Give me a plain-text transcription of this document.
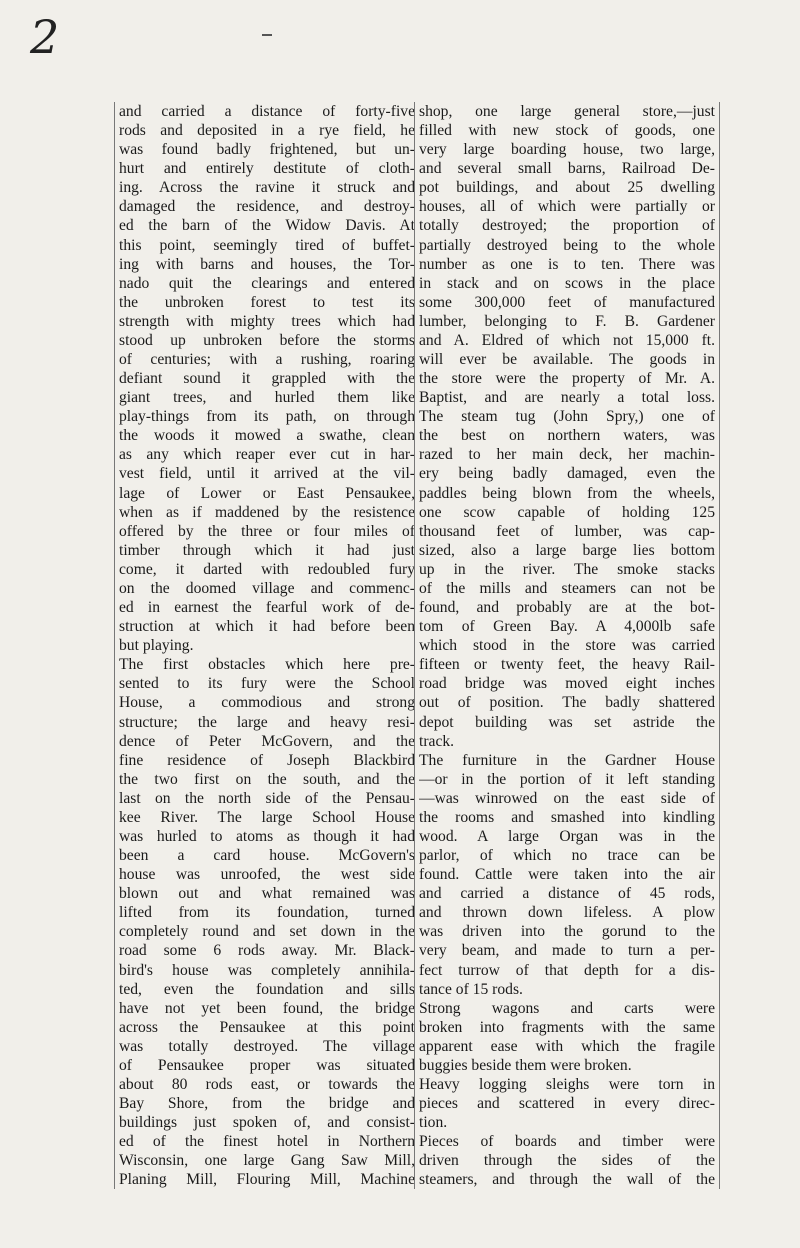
2
and carried a distance of forty-five
rods and deposited in a rye field, he
was found badly frightened, but un-
hurt and entirely destitute of cloth-
ing. Across the ravine it struck and
damaged the residence, and destroy-
ed the barn of the Widow Davis. At
this point, seemingly tired of buffet-
ing with barns and houses, the Tor-
nado quit the clearings and entered
the unbroken forest to test its
strength with mighty trees which had
stood up unbroken before the storms
of centuries; with a rushing, roaring
defiant sound it grappled with the
giant trees, and hurled them like
play-things from its path, on through
the woods it mowed a swathe, clean
as any which reaper ever cut in har-
vest field, until it arrived at the vil-
lage of Lower or East Pensaukee,
when as if maddened by the resistence
offered by the three or four miles of
timber through which it had just
come, it darted with redoubled fury
on the doomed village and commenc-
ed in earnest the fearful work of de-
struction at which it had before been
but playing.
The first obstacles which here pre-
sented to its fury were the School
House, a commodious and strong
structure; the large and heavy resi-
dence of Peter McGovern, and the
fine residence of Joseph Blackbird
the two first on the south, and the
last on the north side of the Pensau-
kee River. The large School House
was hurled to atoms as though it had
been a card house. McGovern's
house was unroofed, the west side
blown out and what remained was
lifted from its foundation, turned
completely round and set down in the
road some 6 rods away. Mr. Black-
bird's house was completely annihila-
ted, even the foundation and sills
have not yet been found, the bridge
across the Pensaukee at this point
was totally destroyed. The village
of Pensaukee proper was situated
about 80 rods east, or towards the
Bay Shore, from the bridge and
buildings just spoken of, and consist-
ed of the finest hotel in Northern
Wisconsin, one large Gang Saw Mill,
Planing Mill, Flouring Mill, Machine
shop, one large general store,—just
filled with new stock of goods, one
very large boarding house, two large,
and several small barns, Railroad De-
pot buildings, and about 25 dwelling
houses, all of which were partially or
totally destroyed; the proportion of
partially destroyed being to the whole
number as one is to ten. There was
in stack and on scows in the place
some 300,000 feet of manufactured
lumber, belonging to F. B. Gardener
and A. Eldred of which not 15,000 ft.
will ever be available. The goods in
the store were the property of Mr. A.
Baptist, and are nearly a total loss.
The steam tug (John Spry,) one of
the best on northern waters, was
razed to her main deck, her machin-
ery being badly damaged, even the
paddles being blown from the wheels,
one scow capable of holding 125
thousand feet of lumber, was cap-
sized, also a large barge lies bottom
up in the river. The smoke stacks
of the mills and steamers can not be
found, and probably are at the bot-
tom of Green Bay. A 4,000lb safe
which stood in the store was carried
fifteen or twenty feet, the heavy Rail-
road bridge was moved eight inches
out of position. The badly shattered
depot building was set astride the
track.
The furniture in the Gardner House
—or in the portion of it left standing
—was winrowed on the east side of
the rooms and smashed into kindling
wood. A large Organ was in the
parlor, of which no trace can be
found. Cattle were taken into the air
and carried a distance of 45 rods,
and thrown down lifeless. A plow
was driven into the gorund to the
very beam, and made to turn a per-
fect turrow of that depth for a dis-
tance of 15 rods.
Strong wagons and carts were
broken into fragments with the same
apparent ease with which the fragile
buggies beside them were broken.
Heavy logging sleighs were torn in
pieces and scattered in every direc-
tion.
Pieces of boards and timber were
driven through the sides of the
steamers, and through the wall of the
